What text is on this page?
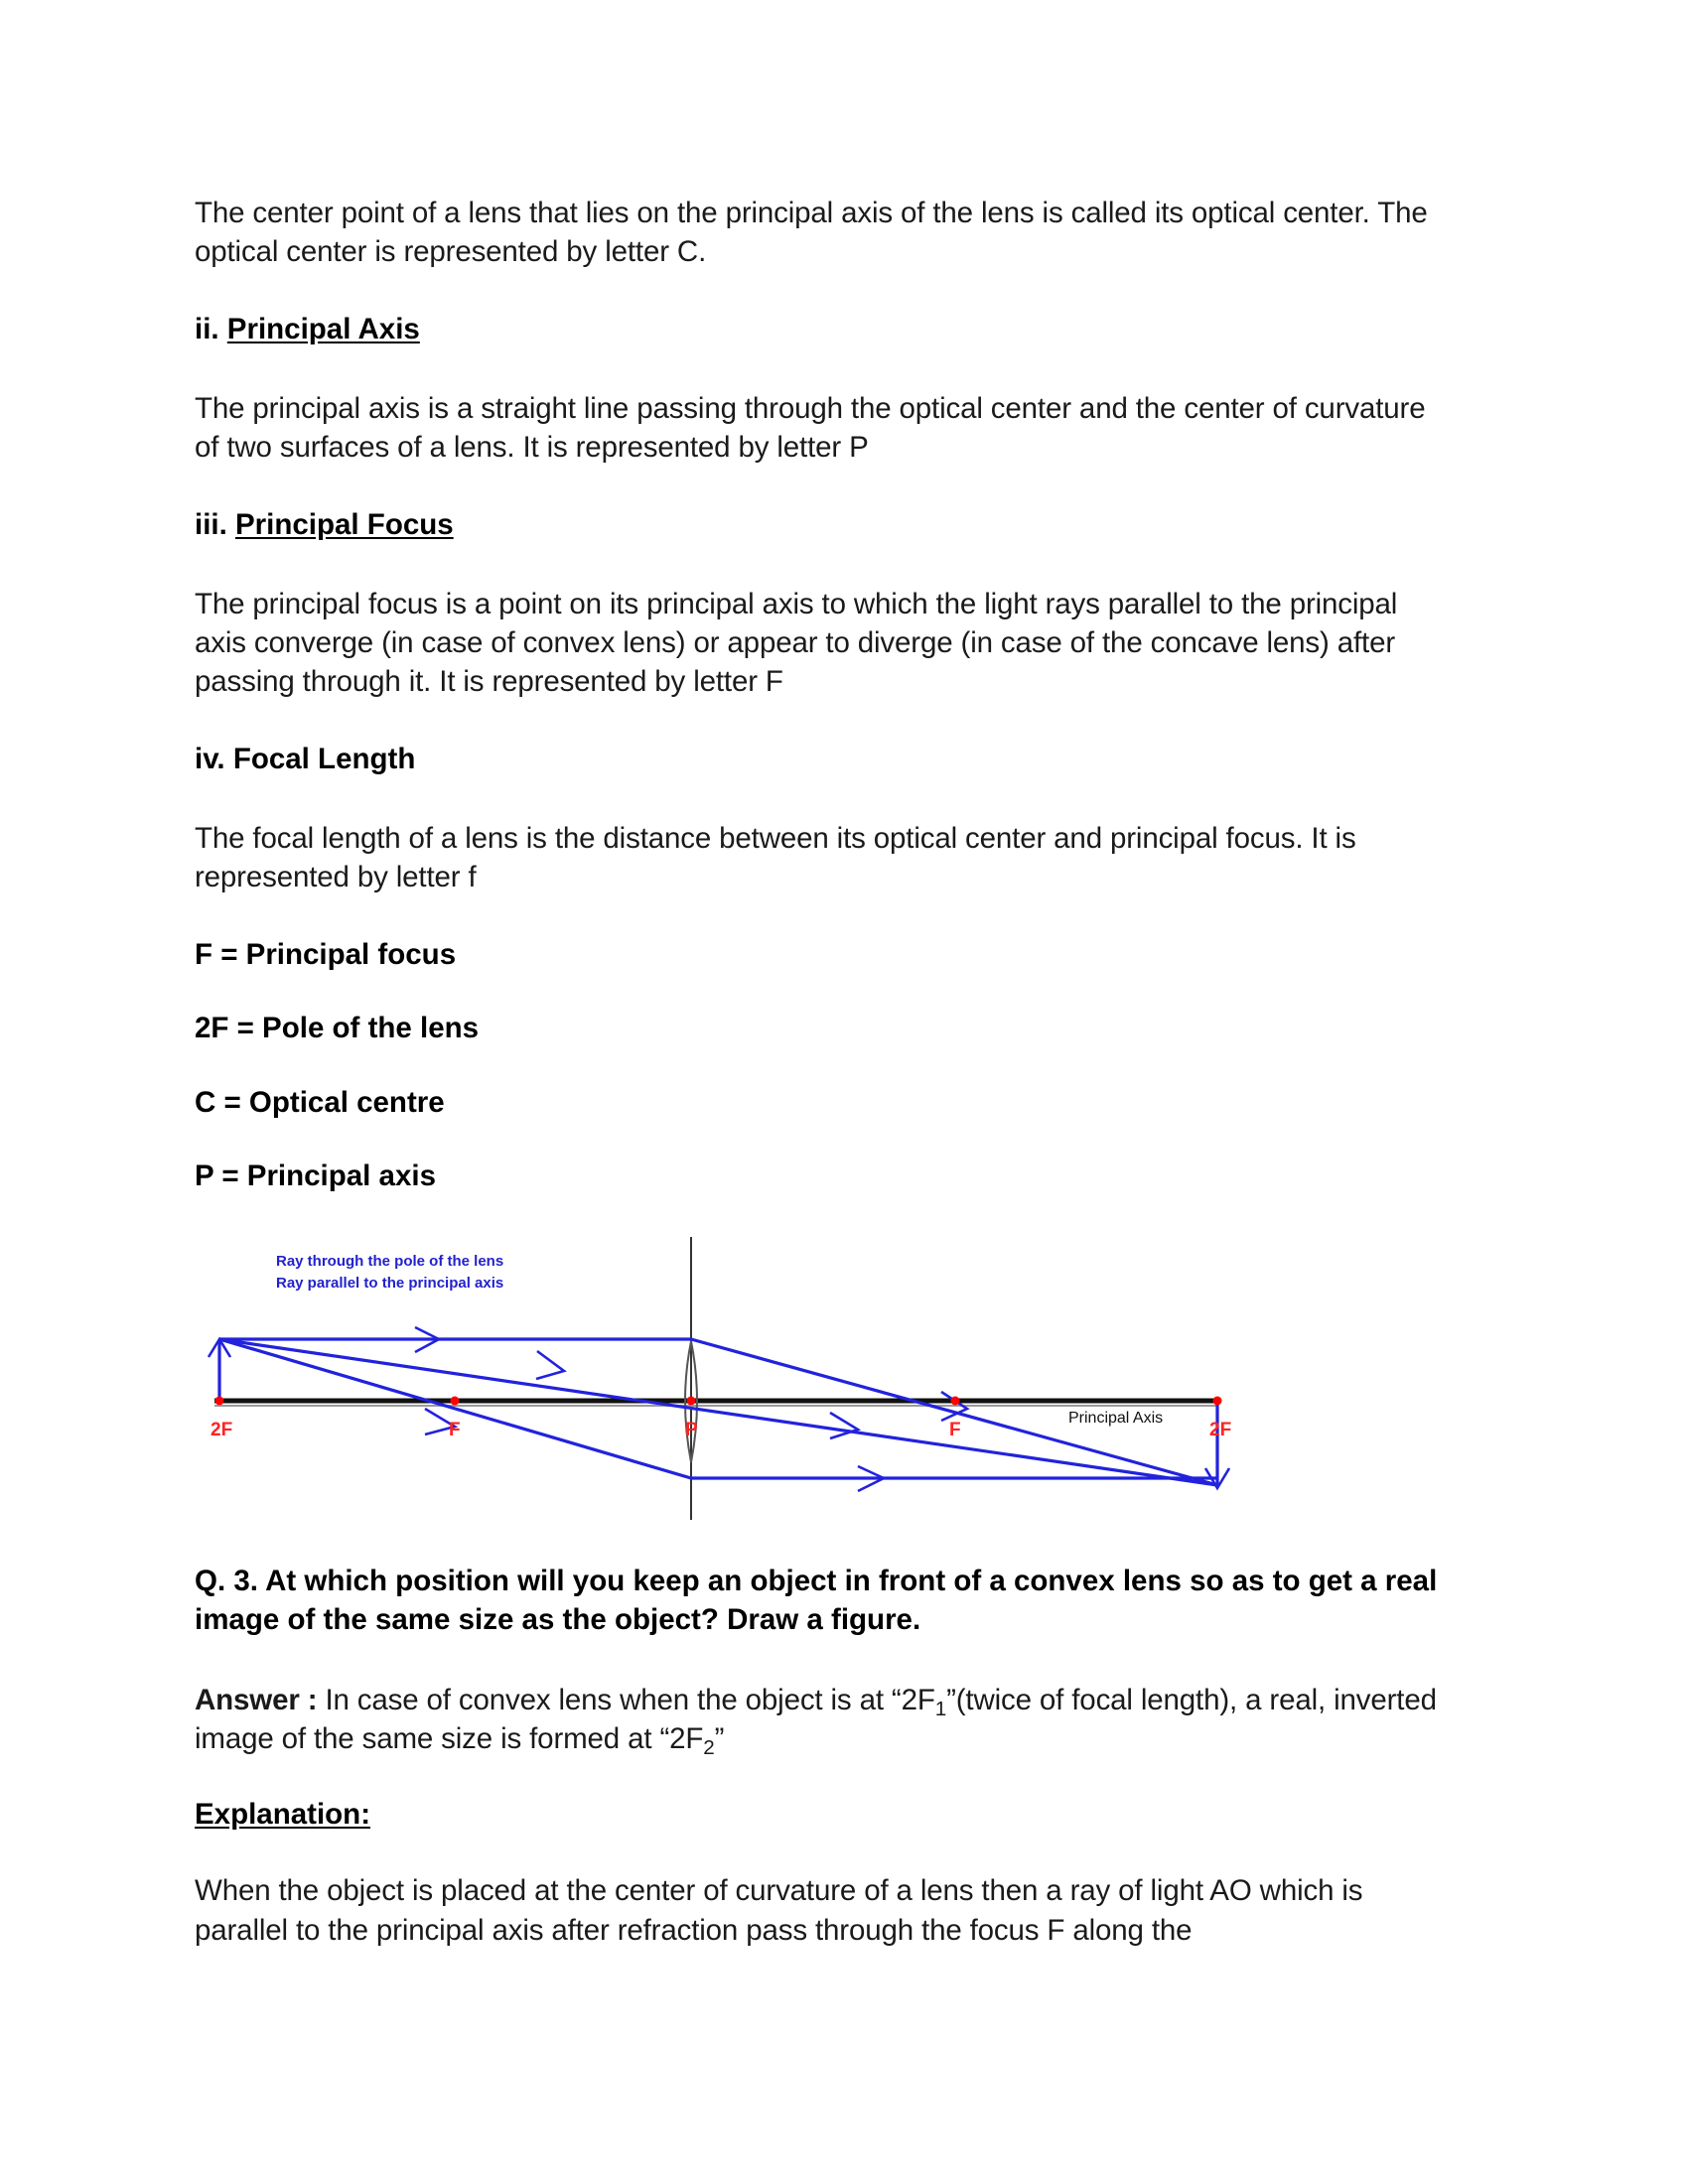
The center point of a lens that lies on the principal axis of the lens is called its optical center. The optical center is represented by letter C.

ii. Principal Axis

The principal axis is a straight line passing through the optical center and the center of curvature of two surfaces of a lens. It is represented by letter P

iii. Principal Focus

The principal focus is a point on its principal axis to which the light rays parallel to the principal axis converge (in case of convex lens) or appear to diverge (in case of the concave lens) after passing through it. It is represented by letter F

iv. Focal Length

The focal length of a lens is the distance between its optical center and principal focus. It is represented by letter f

F = Principal focus
2F = Pole of the lens
C = Optical centre
P = Principal axis
Ray through the pole of the lens
Ray parallel to the principal axis
2F	F	P	F	2F
Principal Axis

Q. 3. At which position will you keep an object in front of a convex lens so as to get a real image of the same size as the object? Draw a figure.

Answer : In case of convex lens when the object is at “$2F_1”(twice$ of focal length), a real, inverted image of the same size is formed at “$2F_2$”

Explanation:

When the object is placed at the center of curvature of a lens then a ray of light AO which is parallel to the principal axis after refraction pass through the focus F along the
